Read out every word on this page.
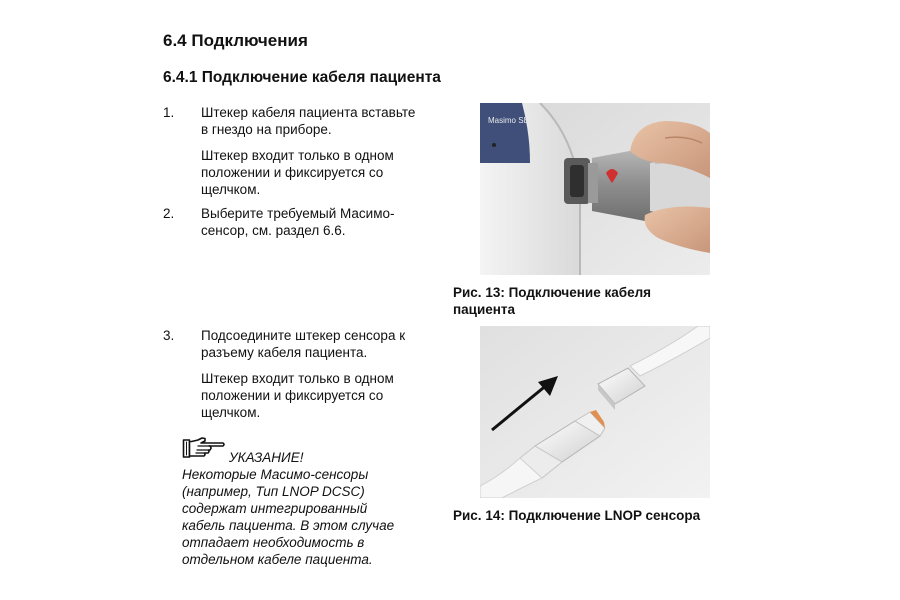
6.4 Подключения
6.4.1 Подключение кабеля пациента
1. Штекер кабеля пациента вставьте

в гнездо на приборе.

Штекер входит только в одном

положении и фиксируется со

щелчком.

2. Выберите требуемый Масимо-

сенсор, см. раздел 6.6.

3. Подсоедините штекер сенсора к

разъему кабеля пациента.

Штекер входит только в одном

положении и фиксируется со

щелчком.

УКАЗАНИЕ!
Некоторые Масимо-сенсоры
(например, Тип LNOP DCSC)
содержат интегрированный
кабель пациента. В этом случае
отпадает необходимость в
отдельном кабеле пациента.
Masimo SET
Рис. 13: Подключение кабеля
пациента
Рис. 14: Подключение LNOP сенсора
